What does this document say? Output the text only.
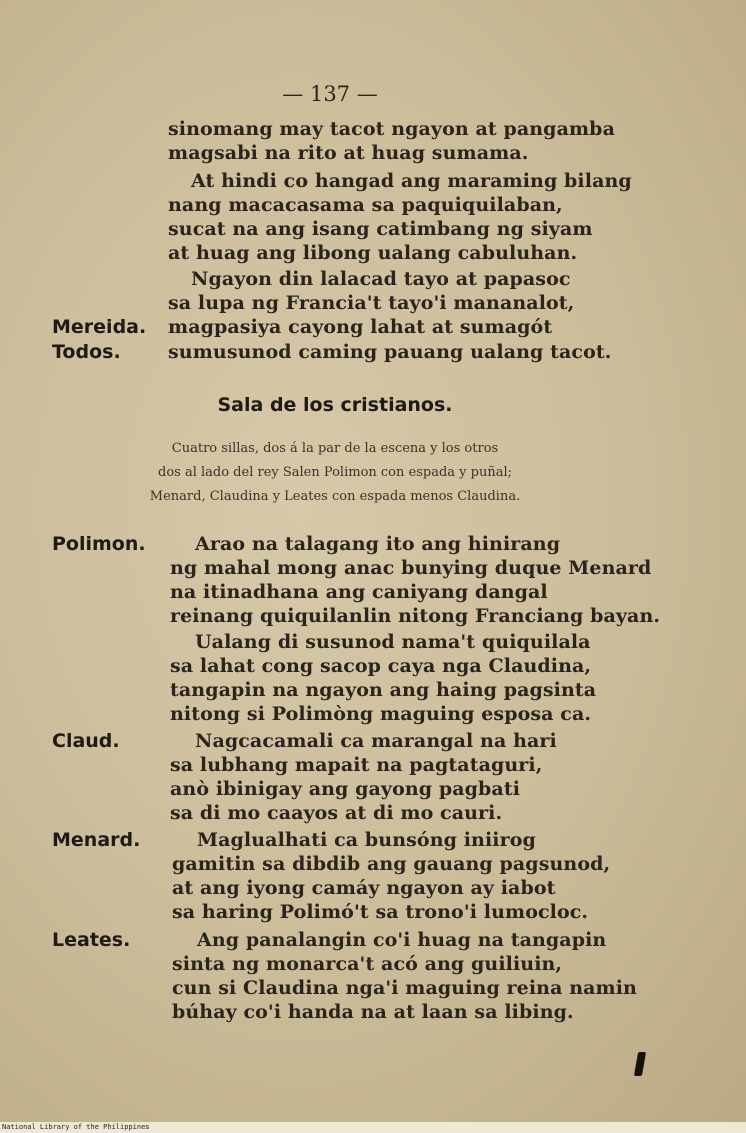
— 137 —
sinomang may tacot ngayon at pangamba
magsabi na rito at huag sumama.
At hindi co hangad ang maraming bilang
nang macacasama sa paquiquilaban,
sucat na ang isang catimbang ng siyam
at huag ang libong ualang cabuluhan.
Ngayon din lalacad tayo at papasoc
sa lupa ng Francia't tayo'i mananalot,
Mereida. magpasiya cayong lahat at sumagót
Todos. sumusunod caming pauang ualang tacot.
Sala de los cristianos.
Cuatro sillas, dos á la par de la escena y los otros
dos al lado del rey Salen Polimon con espada y puñal;
Menard, Claudina y Leates con espada menos Claudina.
Polimon.	Arao na talagang ito ang hinirang
ng mahal mong anac bunying duque Menard
na itinadhana ang caniyang dangal
reinang quiquilanlin nitong Franciang bayan.
Ualang di susunod nama't quiquilala
sa lahat cong sacop caya nga Claudina,
tangapin na ngayon ang haing pagsinta
nitong si Polimòng maguing esposa ca.
Claud.	Nagcacamali ca marangal na hari
sa lubhang mapait na pagtataguri,
anò ibinigay ang gayong pagbati
sa di mo caayos at di mo cauri.
Menard.	Maglualhati ca bunsóng iniirog
gamitin sa dibdib ang gauang pagsunod,
at ang iyong camáy ngayon ay iabot
sa haring Polimó't sa trono'i lumocloc.
Leates.	Ang panalangin co'i huag na tangapin
sinta ng monarca't acó ang guiliuin,
cun si Claudina nga'i maguing reina namin
búhay co'i handa na at laan sa libing.
National Library of the Philippines
